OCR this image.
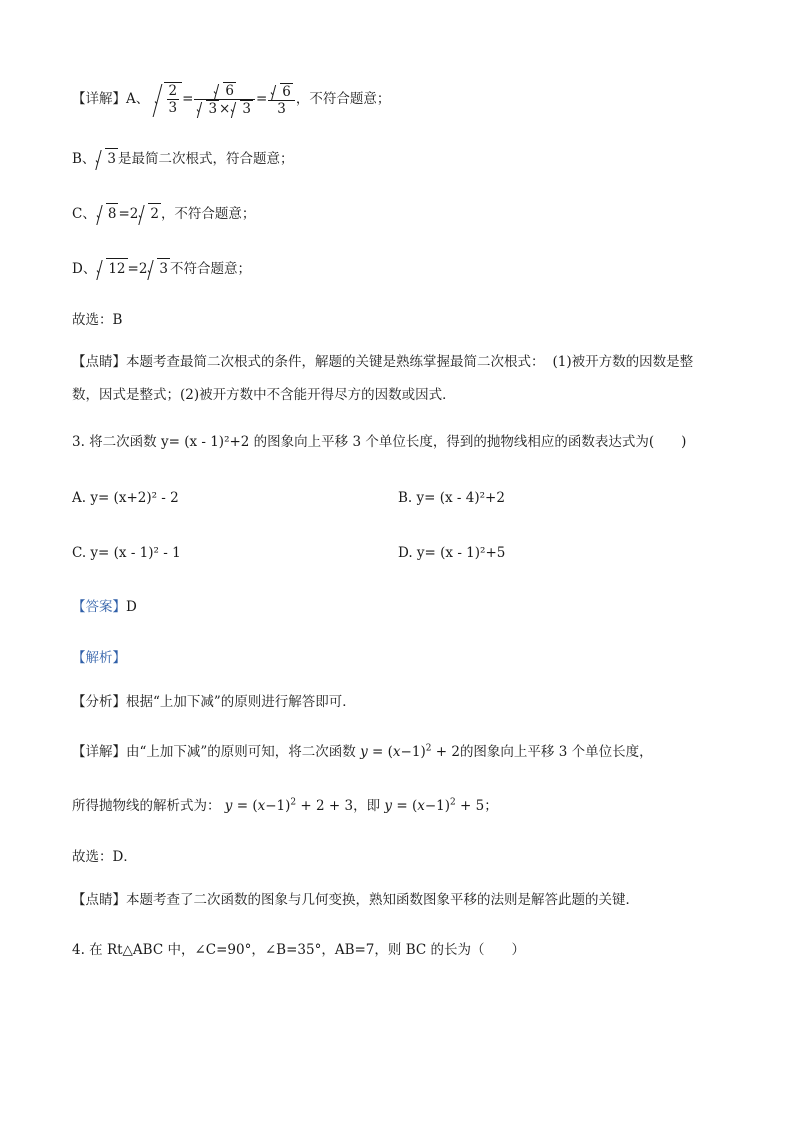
【详解】A、 $\frac{2}{3} = \frac{6}{3 \times 3} = \frac{6}{3}$ ，不符合题意；
B、 3 是最简二次根式，符合题意；
C、 8 =2 2 ，不符合题意；
D、 12 =2 3 不符合题意；
故选：B
【点睛】本题考查最简二次根式的条件，解题的关键是熟练掌握最简二次根式： (1)被开方数的因数是整
数，因式是整式；(2)被开方数中不含能开得尽方的因数或因式．
3. 将二次函数 y= (x - 1)²+2 的图象向上平移 3 个单位长度，得到的抛物线相应的函数表达式为(　　)
A. y= (x+2)² - 2	B. y= (x - 4)²+2
C. y= (x - 1)² - 1	D. y= (x - 1)²+5
【答案】D
【解析】
【分析】根据“上加下减”的原则进行解答即可．
【详解】由“上加下减”的原则可知，将二次函数 $y = (x-1)^2 + 2$的图象向上平移 3 个单位长度，
所得抛物线的解析式为： $y = (x-1)^2 + 2 + 3$，即 $y = (x-1)^2 + 5$；
故选：D．
【点睛】本题考查了二次函数的图象与几何变换，熟知函数图象平移的法则是解答此题的关键．
4. 在 Rt△ABC 中，∠C=90°，∠B=35°，AB=7，则 BC 的长为（　　）
